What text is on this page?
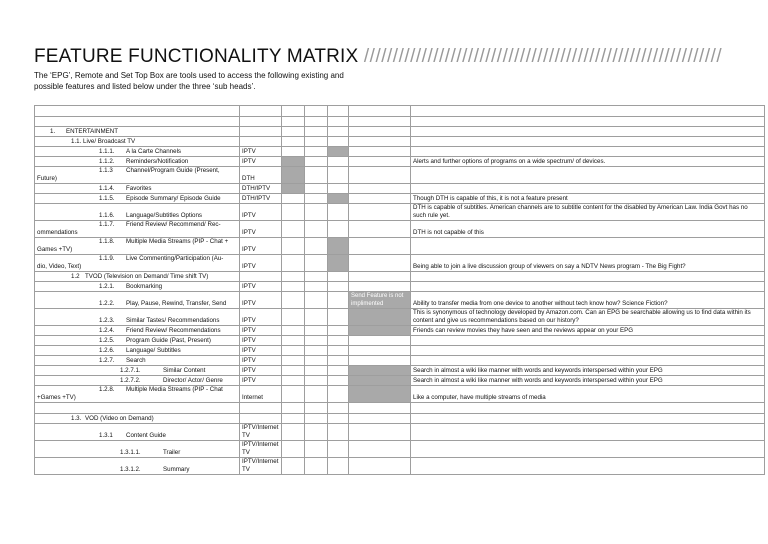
FEATURE FUNCTIONALITY MATRIX //////////////////////////////////////////////////////////////
The ‘EPG’, Remote and Set Top Box are tools used to access the following existing and possible features and listed below under the three ‘sub heads’.

1. ENTERTAINMENT						
1.1. Live/ Broadcast TV						
1.1.1. A la Carte Channels	IPTV					
1.1.2. Reminders/Notification	IPTV					Alerts and further options of programs on a wide spectrum/ of devices.

1.1.3 Channel/Program Guide (Present,
Future)	DTH					
1.1.4. Favorites	DTH/IPTV					
1.1.5. Episode Summary/ Episode Guide	DTH/IPTV					Though DTH is capable of this, it is not a feature present
1.1.6. Language/Subtitles Options	IPTV					DTH is capable of subtitles. American channels are to subtitle content for the disabled by American Law. India Govt has no such rule yet.

1.1.7. Friend Review/ Recommend/ Rec-
ommendations	IPTV					DTH is not capable of this

1.1.8. Multiple Media Streams (PIP - Chat +
Games +TV)	IPTV					

1.1.9. Live Commenting/Participation (Au-
dio, Video, Text)	IPTV					Being able to join a live discussion group of viewers on say a NDTV News program - The Big Fight?
1.2 TVOD (Television on Demand/ Time shift TV)						
1.2.1. Bookmarking	IPTV					
1.2.2. Play, Pause, Rewind, Transfer, Send	IPTV				Send Feature is not implimented	Ability to transfer media from one device to another without tech know how? Science Fiction?
1.2.3. Similar Tastes/ Recommendations	IPTV					This is synonymous of technology developed by Amazon.com. Can an EPG be searchable allowing us to find data within its content and give us recommendations based on our history?
1.2.4. Friend Review/ Recommendations	IPTV					Friends can review movies they have seen and the reviews appear on your EPG
1.2.5. Program Guide (Past, Present)	IPTV					
1.2.6. Language/ Subtitles	IPTV					
1.2.7. Search	IPTV					
1.2.7.1. Similar Content	IPTV					Search in almost a wiki like manner with words and keywords interspersed within your EPG
1.2.7.2. Director/ Actor/ Genre	IPTV					Search in almost a wiki like manner with words and keywords interspersed within your EPG

1.2.8. Multiple Media Streams (PIP - Chat
+Games +TV)	Internet					Like a computer, have multiple streams of media

1.3. VOD (Video on Demand)						
1.3.1 Content Guide	IPTV/Internet TV					
1.3.1.1. Trailer	IPTV/Internet TV					
1.3.1.2. Summary	IPTV/Internet TV					
